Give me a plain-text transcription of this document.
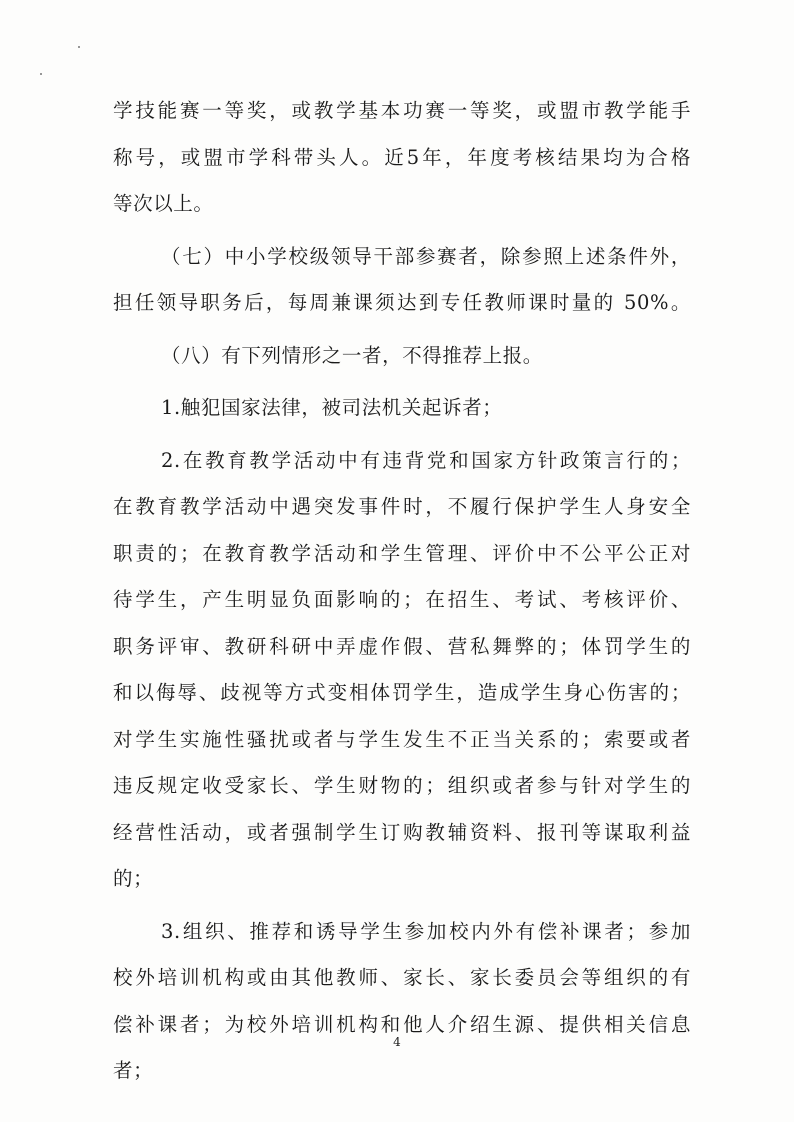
学技能赛一等奖，或教学基本功赛一等奖，或盟市教学能手
称号，或盟市学科带头人。近5年，年度考核结果均为合格
等次以上。
（七）中小学校级领导干部参赛者，除参照上述条件外，
担任领导职务后，每周兼课须达到专任教师课时量的 50%。
（八）有下列情形之一者，不得推荐上报。
1.触犯国家法律，被司法机关起诉者；
2.在教育教学活动中有违背党和国家方针政策言行的；
在教育教学活动中遇突发事件时，不履行保护学生人身安全
职责的；在教育教学活动和学生管理、评价中不公平公正对
待学生，产生明显负面影响的；在招生、考试、考核评价、
职务评审、教研科研中弄虚作假、营私舞弊的；体罚学生的
和以侮辱、歧视等方式变相体罚学生，造成学生身心伤害的；
对学生实施性骚扰或者与学生发生不正当关系的；索要或者
违反规定收受家长、学生财物的；组织或者参与针对学生的
经营性活动，或者强制学生订购教辅资料、报刊等谋取利益
的；
3.组织、推荐和诱导学生参加校内外有偿补课者；参加
校外培训机构或由其他教师、家长、家长委员会等组织的有
偿补课者；为校外培训机构和他人介绍生源、提供相关信息
者；
4
